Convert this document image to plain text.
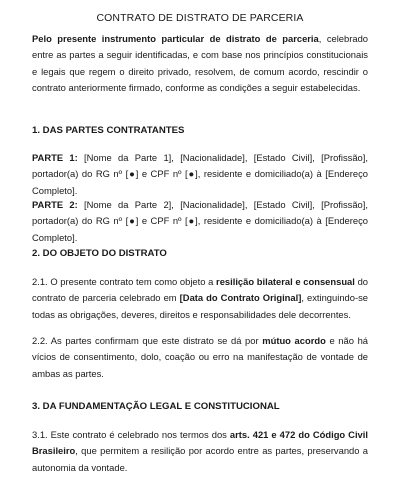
CONTRATO DE DISTRATO DE PARCERIA

Pelo presente instrumento particular de distrato de parceria, celebrado entre as partes a seguir identificadas, e com base nos princípios constitucionais e legais que regem o direito privado, resolvem, de comum acordo, rescindir o contrato anteriormente firmado, conforme as condições a seguir estabelecidas.

1. DAS PARTES CONTRATANTES

PARTE 1: [Nome da Parte 1], [Nacionalidade], [Estado Civil], [Profissão], portador(a) do RG nº [●] e CPF nº [●], residente e domiciliado(a) à [Endereço Completo].

PARTE 2: [Nome da Parte 2], [Nacionalidade], [Estado Civil], [Profissão], portador(a) do RG nº [●] e CPF nº [●], residente e domiciliado(a) à [Endereço Completo].

2. DO OBJETO DO DISTRATO

2.1. O presente contrato tem como objeto a resilição bilateral e consensual do contrato de parceria celebrado em [Data do Contrato Original], extinguindo-se todas as obrigações, deveres, direitos e responsabilidades dele decorrentes.

2.2. As partes confirmam que este distrato se dá por mútuo acordo e não há vícios de consentimento, dolo, coação ou erro na manifestação de vontade de ambas as partes.

3. DA FUNDAMENTAÇÃO LEGAL E CONSTITUCIONAL

3.1. Este contrato é celebrado nos termos dos arts. 421 e 472 do Código Civil Brasileiro, que permitem a resilição por acordo entre as partes, preservando a autonomia da vontade.
